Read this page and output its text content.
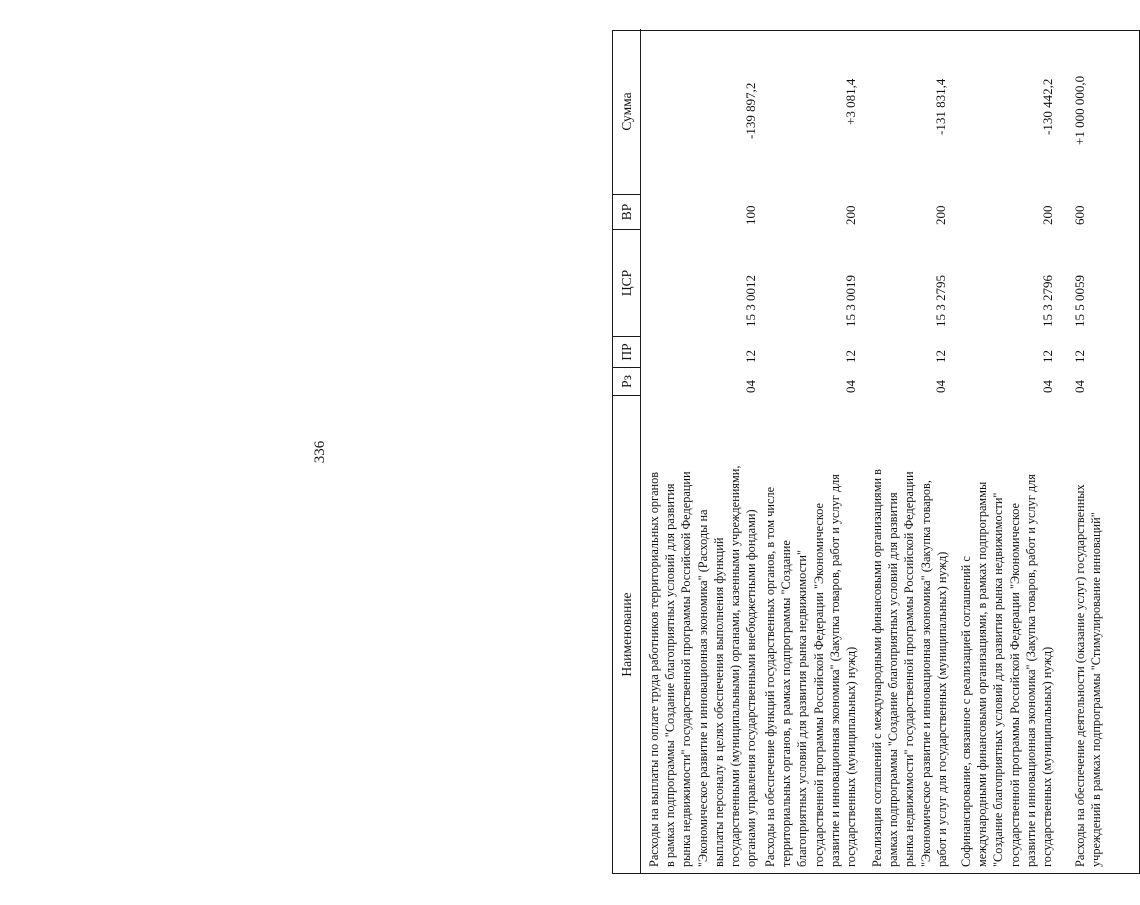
336
Наименование
Рз
ПР
ЦСР
ВР
Сумма
Расходы на выплаты по оплате труда работников территориальных органов в рамках подпрограммы "Создание благоприятных условий для развития рынка недвижимости" государственной программы Российской Федерации "Экономическое развитие и инновационная экономика" (Расходы на выплаты персоналу в целях обеспечения выполнения функций государственными (муниципальными) органами, казенными учреждениями, органами управления государственными внебюджетными фондами)
04
12
15 3 0012
100
-139 897,2
Расходы на обеспечение функций государственных органов, в том числе территориальных органов, в рамках подпрограммы "Создание благоприятных условий для развития рынка недвижимости" государственной программы Российской Федерации "Экономическое развитие и инновационная экономика" (Закупка товаров, работ и услуг для государственных (муниципальных) нужд)
04
12
15 3 0019
200
+3 081,4
Реализация соглашений с международными финансовыми организациями в рамках подпрограммы "Создание благоприятных условий для развития рынка недвижимости" государственной программы Российской Федерации "Экономическое развитие и инновационная экономика" (Закупка товаров, работ и услуг для государственных (муниципальных) нужд)
04
12
15 3 2795
200
-131 831,4
Софинансирование, связанное с реализацией соглашений с международными финансовыми организациями, в рамках подпрограммы "Создание благоприятных условий для развития рынка недвижимости" государственной программы Российской Федерации "Экономическое развитие и инновационная экономика" (Закупка товаров, работ и услуг для государственных (муниципальных) нужд)
04
12
15 3 2796
200
-130 442,2
Расходы на обеспечение деятельности (оказание услуг) государственных учреждений в рамках подпрограммы "Стимулирование инноваций"
04
12
15 5 0059
600
+1 000 000,0
